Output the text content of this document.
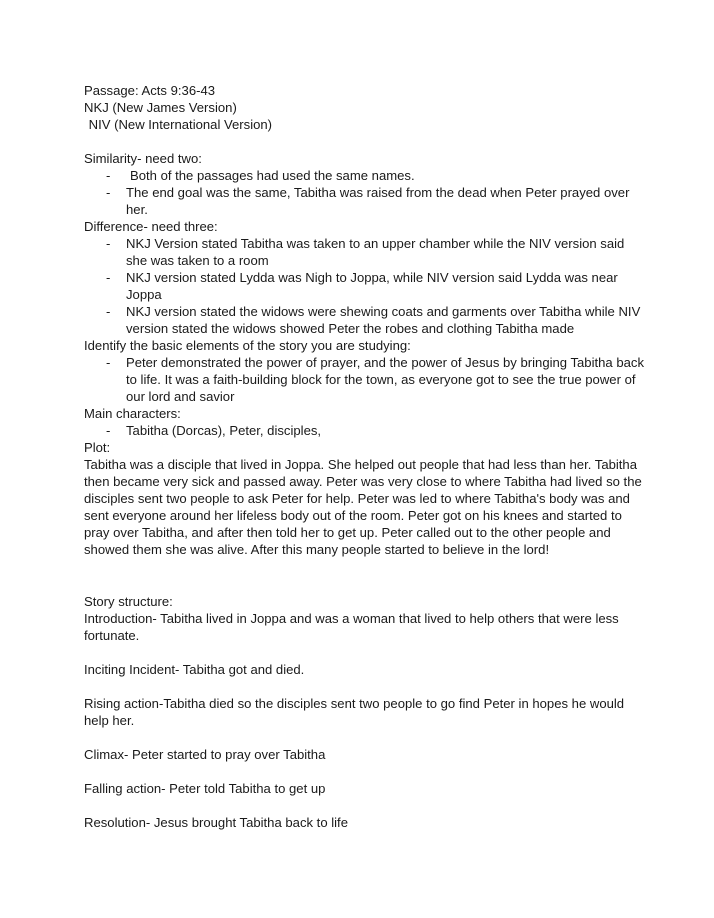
Passage: Acts 9:36-43
NKJ (New James Version)
NIV (New International Version)
Similarity- need two:
- Both of the passages had used the same names.
- The end goal was the same, Tabitha was raised from the dead when Peter prayed over her.
Difference- need three:
- NKJ Version stated Tabitha was taken to an upper chamber while the NIV version said she was taken to a room
- NKJ version stated Lydda was Nigh to Joppa, while NIV version said Lydda was near Joppa
- NKJ version stated the widows were shewing coats and garments over Tabitha while NIV version stated the widows showed Peter the robes and clothing Tabitha made
Identify the basic elements of the story you are studying:
- Peter demonstrated the power of prayer, and the power of Jesus by bringing Tabitha back to life. It was a faith-building block for the town, as everyone got to see the true power of our lord and savior
Main characters:
- Tabitha (Dorcas), Peter, disciples,
Plot:
Tabitha was a disciple that lived in Joppa. She helped out people that had less than her. Tabitha then became very sick and passed away. Peter was very close to where Tabitha had lived so the disciples sent two people to ask Peter for help. Peter was led to where Tabitha's body was and sent everyone around her lifeless body out of the room. Peter got on his knees and started to pray over Tabitha, and after then told her to get up. Peter called out to the other people and showed them she was alive. After this many people started to believe in the lord!
Story structure:
Introduction- Tabitha lived in Joppa and was a woman that lived to help others that were less fortunate.
Inciting Incident- Tabitha got and died.
Rising action-Tabitha died so the disciples sent two people to go find Peter in hopes he would help her.
Climax- Peter started to pray over Tabitha
Falling action- Peter told Tabitha to get up
Resolution- Jesus brought Tabitha back to life
